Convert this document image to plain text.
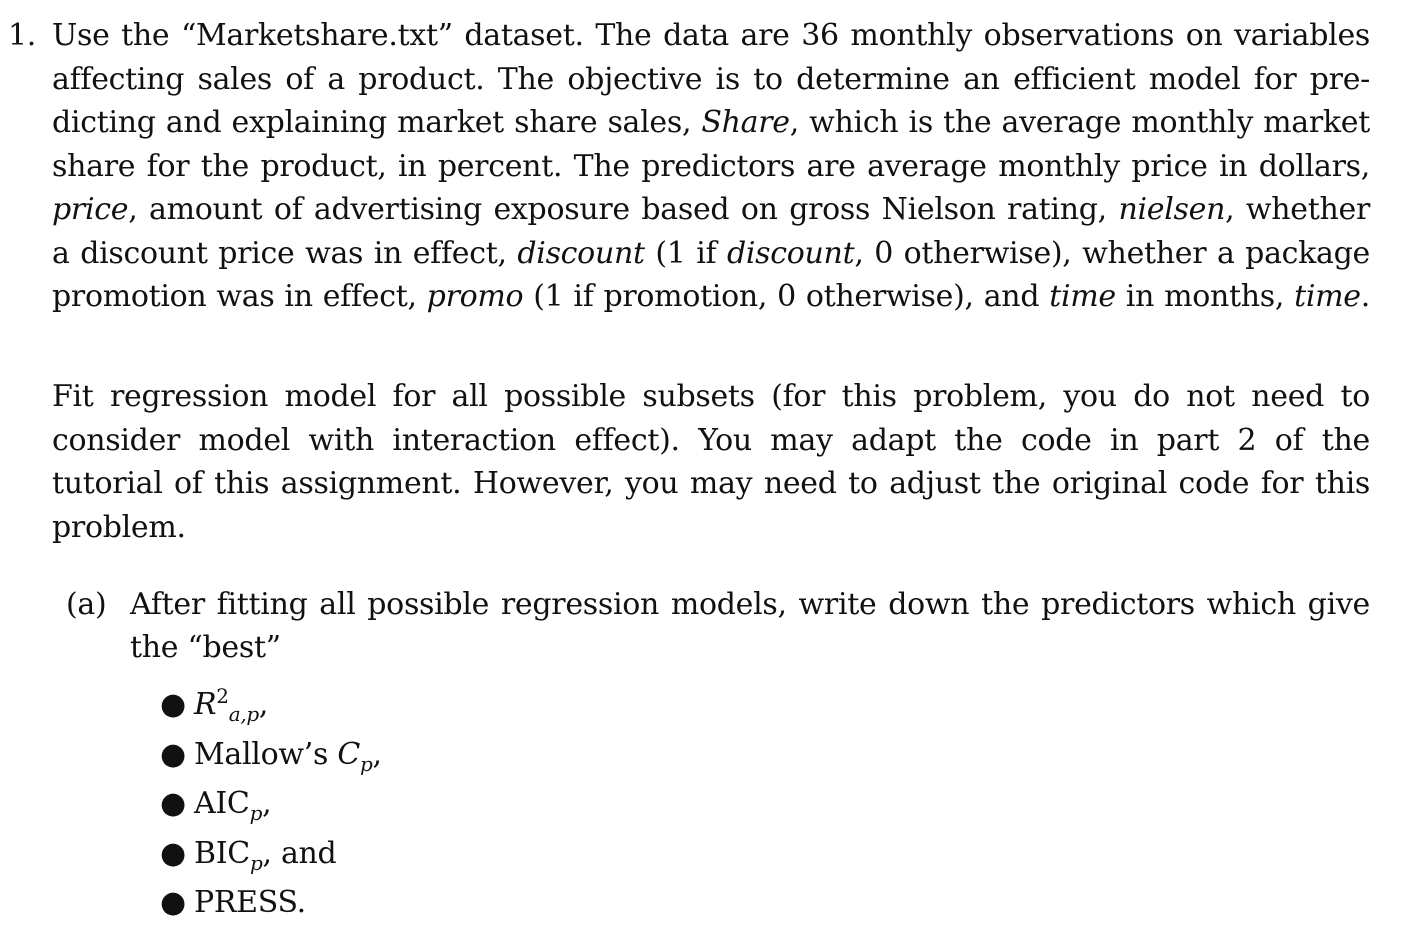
1. Use the “Marketshare.txt” dataset. The data are 36 monthly observations on variables
affecting sales of a product. The objective is to determine an efficient model for pre-
dicting and explaining market share sales, Share, which is the average monthly market
share for the product, in percent. The predictors are average monthly price in dollars,
price, amount of advertising exposure based on gross Nielson rating, nielsen, whether
a discount price was in effect, discount (1 if discount, 0 otherwise), whether a package
promotion was in effect, promo (1 if promotion, 0 otherwise), and time in months, time.
Fit regression model for all possible subsets (for this problem, you do not need to
consider model with interaction effect). You may adapt the code in part 2 of the
tutorial of this assignment. However, you may need to adjust the original code for this
problem.
(a) After fitting all possible regression models, write down the predictors which give
the “best”
● $R^2_{a,p}$,
● Mallow’s $C_p$,
● $AIC_p$,
● $BIC_p$, and
● PRESS.
